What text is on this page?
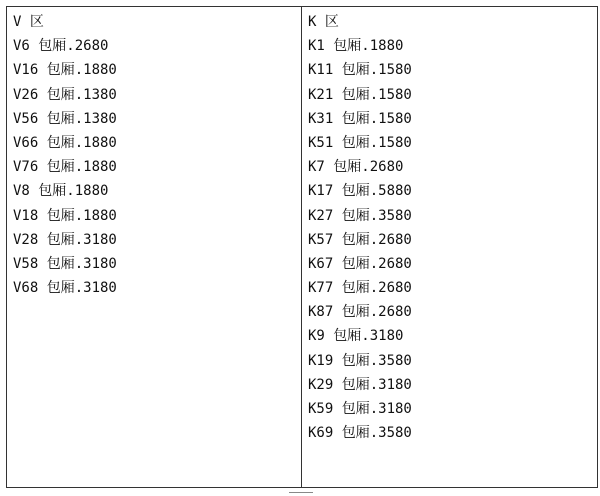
V 区
V6 包厢.2680
V16 包厢.1880
V26 包厢.1380
V56 包厢.1380
V66 包厢.1880
V76 包厢.1880
V8 包厢.1880
V18 包厢.1880
V28 包厢.3180
V58 包厢.3180
V68 包厢.3180
K 区
K1 包厢.1880
K11 包厢.1580
K21 包厢.1580
K31 包厢.1580
K51 包厢.1580
K7 包厢.2680
K17 包厢.5880
K27 包厢.3580
K57 包厢.2680
K67 包厢.2680
K77 包厢.2680
K87 包厢.2680
K9 包厢.3180
K19 包厢.3580
K29 包厢.3180
K59 包厢.3180
K69 包厢.3580
